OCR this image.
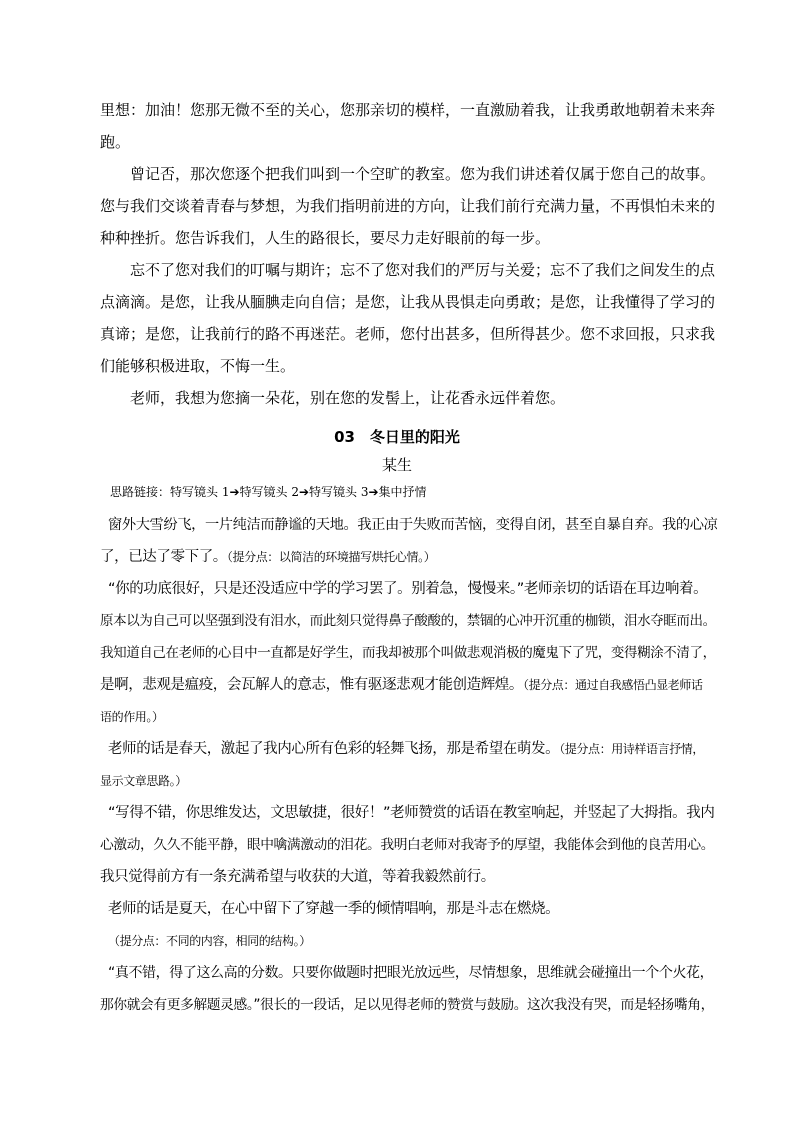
里想：加油！您那无微不至的关心，您那亲切的模样，一直激励着我，让我勇敢地朝着未来奔
跑。

曾记否，那次您逐个把我们叫到一个空旷的教室。您为我们讲述着仅属于您自己的故事。
您与我们交谈着青春与梦想，为我们指明前进的方向，让我们前行充满力量，不再惧怕未来的
种种挫折。您告诉我们，人生的路很长，要尽力走好眼前的每一步。

忘不了您对我们的叮嘱与期许；忘不了您对我们的严厉与关爱；忘不了我们之间发生的点
点滴滴。是您，让我从腼腆走向自信；是您，让我从畏惧走向勇敢；是您，让我懂得了学习的
真谛；是您，让我前行的路不再迷茫。老师，您付出甚多，但所得甚少。您不求回报，只求我
们能够积极进取，不悔一生。

老师，我想为您摘一朵花，别在您的发髻上，让花香永远伴着您。

03　冬日里的阳光

某生

思路链接：特写镜头 1➔特写镜头 2➔特写镜头 3➔集中抒情

窗外大雪纷飞，一片纯洁而静谧的天地。我正由于失败而苦恼，变得自闭，甚至自暴自弃。我的心凉
了，已达了零下了。（提分点：以简洁的环境描写烘托心情。）

“你的功底很好，只是还没适应中学的学习罢了。别着急，慢慢来。”老师亲切的话语在耳边响着。
原本以为自己可以坚强到没有泪水，而此刻只觉得鼻子酸酸的，禁锢的心冲开沉重的枷锁，泪水夺眶而出。
我知道自己在老师的心目中一直都是好学生，而我却被那个叫做悲观消极的魔鬼下了咒，变得糊涂不清了，
是啊，悲观是瘟疫，会瓦解人的意志，惟有驱逐悲观才能创造辉煌。（提分点：通过自我感悟凸显老师话
语的作用。）

老师的话是春天，激起了我内心所有色彩的轻舞飞扬，那是希望在萌发。（提分点：用诗样语言抒情，
显示文章思路。）

“写得不错，你思维发达，文思敏捷，很好！”老师赞赏的话语在教室响起，并竖起了大拇指。我内
心激动，久久不能平静，眼中噙满激动的泪花。我明白老师对我寄予的厚望，我能体会到他的良苦用心。
我只觉得前方有一条充满希望与收获的大道，等着我毅然前行。

老师的话是夏天，在心中留下了穿越一季的倾情唱响，那是斗志在燃烧。
（提分点：不同的内容，相同的结构。）

“真不错，得了这么高的分数。只要你做题时把眼光放远些，尽情想象，思维就会碰撞出一个个火花，
那你就会有更多解题灵感。”很长的一段话，足以见得老师的赞赏与鼓励。这次我没有哭，而是轻扬嘴角，
